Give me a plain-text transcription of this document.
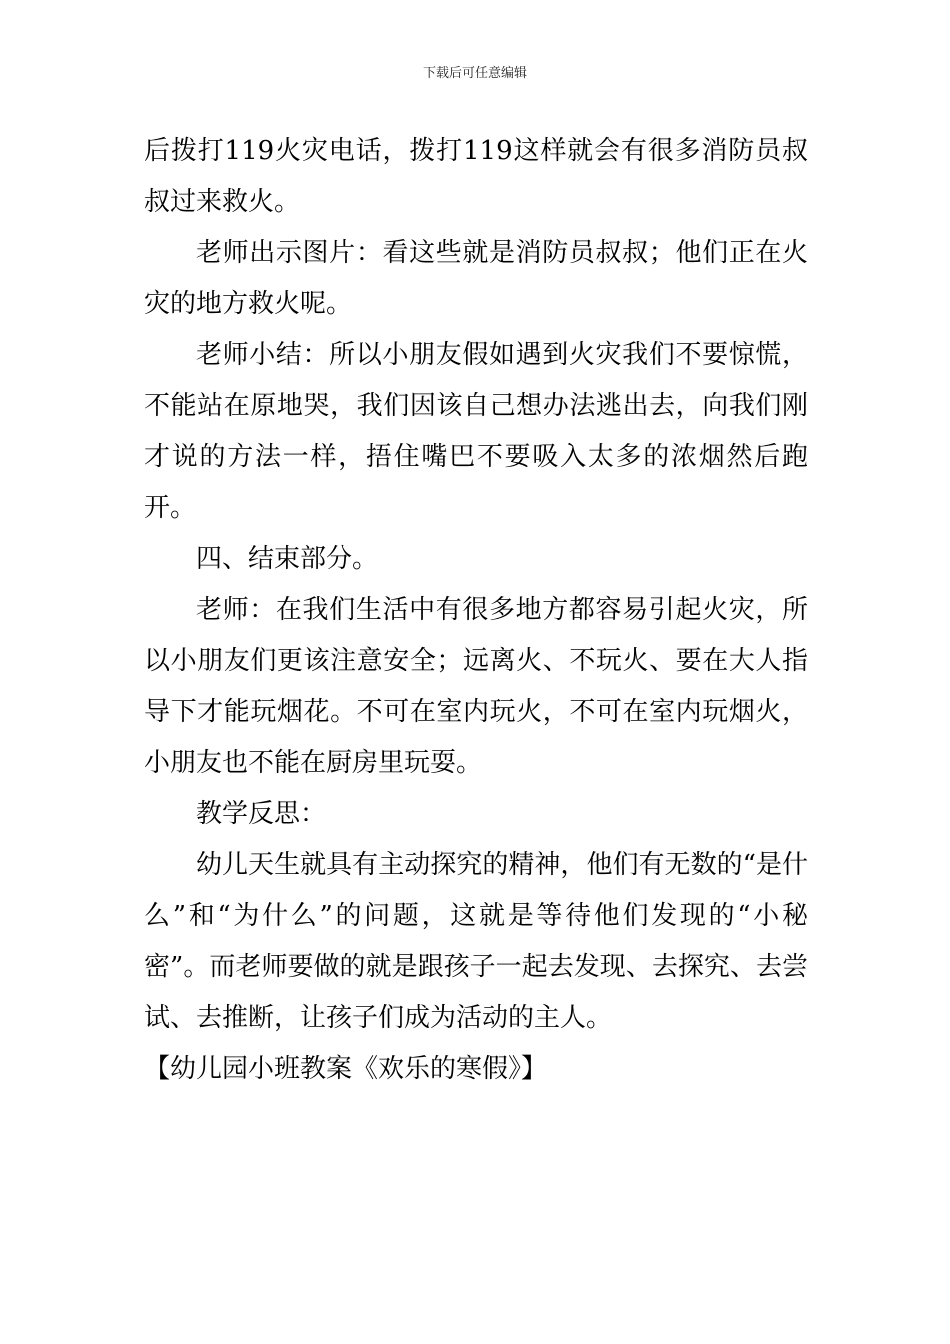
下载后可任意编辑

后拨打119火灾电话，拨打119这样就会有很多消防员叔叔过来救火。

老师出示图片：看这些就是消防员叔叔；他们正在火灾的地方救火呢。

老师小结：所以小朋友假如遇到火灾我们不要惊慌，不能站在原地哭，我们因该自己想办法逃出去，向我们刚才说的方法一样，捂住嘴巴不要吸入太多的浓烟然后跑开。

四、结束部分。

老师：在我们生活中有很多地方都容易引起火灾，所以小朋友们更该注意安全；远离火、不玩火、要在大人指导下才能玩烟花。不可在室内玩火，不可在室内玩烟火，小朋友也不能在厨房里玩耍。

教学反思：

幼儿天生就具有主动探究的精神，他们有无数的“是什么”和“为什么”的问题，这就是等待他们发现的“小秘密”。而老师要做的就是跟孩子一起去发现、去探究、去尝试、去推断，让孩子们成为活动的主人。

【幼儿园小班教案《欢乐的寒假》】
